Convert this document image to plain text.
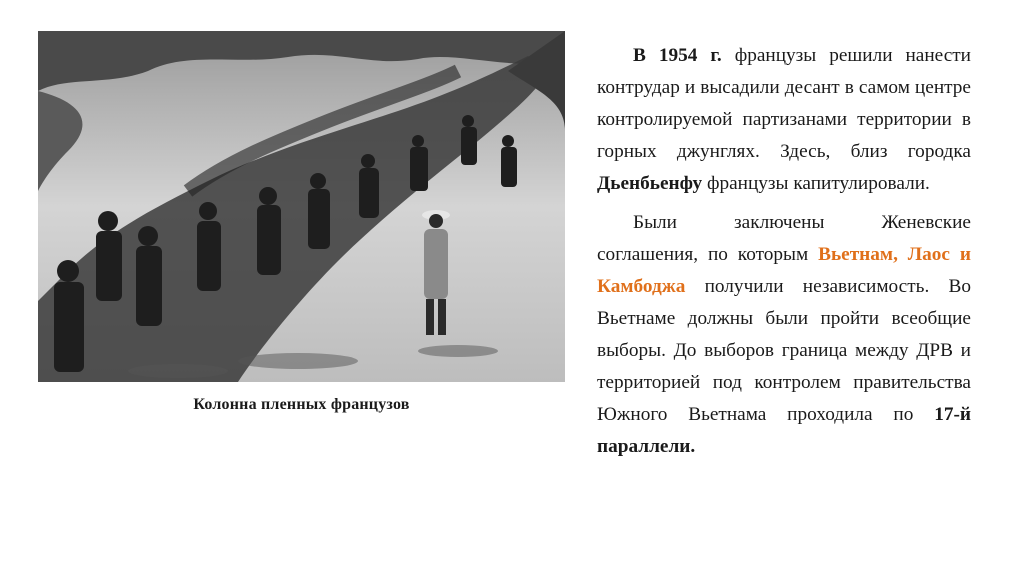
Колонна пленных французов

В 1954 г. французы решили нанести контрудар и высадили десант в самом центре контролируемой партизанами территории в горных джунглях. Здесь, близ городка Дьенбьенфу французы капитулировали.

Были заключены Женевские соглашения, по которым Вьетнам, Лаос и Камбоджа получили независимость. Во Вьетнаме должны были пройти всеобщие выборы. До выборов граница между ДРВ и территорией под контролем правительства Южного Вьетнама проходила по 17-й параллели.
